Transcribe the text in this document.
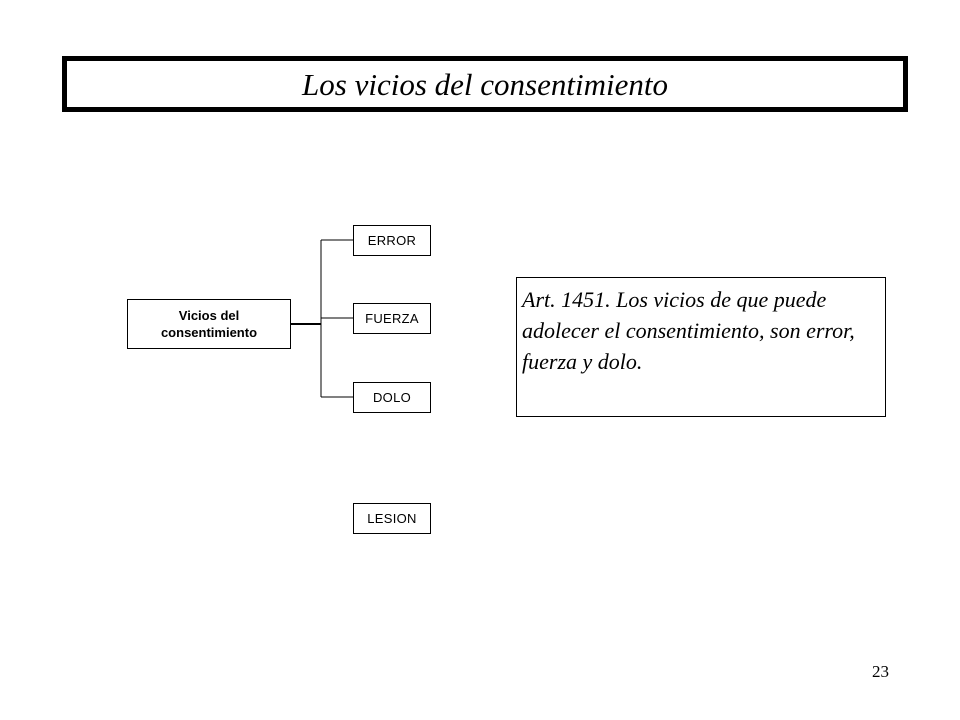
Los vicios del consentimiento
Vicios del consentimiento
ERROR
FUERZA
DOLO
LESION
Art. 1451. Los vicios de que puede adolecer el consentimiento, son error, fuerza y dolo.
23
